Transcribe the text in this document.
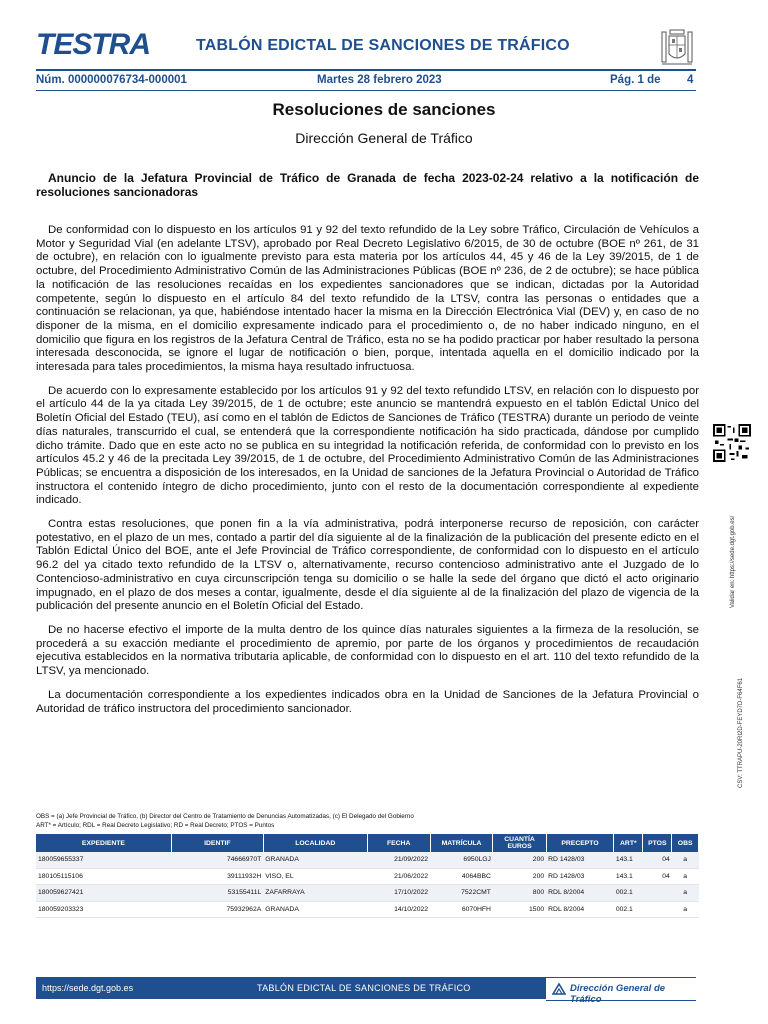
TESTRA	TABLÓN EDICTAL DE SANCIONES DE TRÁFICO
Núm. 000000076734-000001	Martes 28 febrero 2023	Pág. 1 de 4
Resoluciones de sanciones
Dirección General de Tráfico
Anuncio de la Jefatura Provincial de Tráfico de Granada de fecha 2023-02-24 relativo a la notificación de resoluciones sancionadoras

De conformidad con lo dispuesto en los artículos 91 y 92 del texto refundido de la Ley sobre Tráfico, Circulación de Vehículos a Motor y Seguridad Vial (en adelante LTSV), aprobado por Real Decreto Legislativo 6/2015, de 30 de octubre (BOE nº 261, de 31 de octubre), en relación con lo igualmente previsto para esta materia por los artículos 44, 45 y 46 de la Ley 39/2015, de 1 de octubre, del Procedimiento Administrativo Común de las Administraciones Públicas (BOE nº 236, de 2 de octubre); se hace pública la notificación de las resoluciones recaídas en los expedientes sancionadores que se indican, dictadas por la Autoridad competente, según lo dispuesto en el artículo 84 del texto refundido de la LTSV, contra las personas o entidades que a continuación se relacionan, ya que, habiéndose intentado hacer la misma en la Dirección Electrónica Vial (DEV) y, en caso de no disponer de la misma, en el domicilio expresamente indicado para el procedimiento o, de no haber indicado ninguno, en el domicilio que figura en los registros de la Jefatura Central de Tráfico, esta no se ha podido practicar por haber resultado la persona interesada desconocida, se ignore el lugar de notificación o bien, porque, intentada aquella en el domicilio indicado por la interesada para tales procedimientos, la misma haya resultado infructuosa.

De acuerdo con lo expresamente establecido por los artículos 91 y 92 del texto refundido LTSV, en relación con lo dispuesto por el artículo 44 de la ya citada Ley 39/2015, de 1 de octubre; este anuncio se mantendrá expuesto en el tablón Edictal Unico del Boletín Oficial del Estado (TEU), así como en el tablón de Edictos de Sanciones de Tráfico (TESTRA) durante un periodo de veinte días naturales, transcurrido el cual, se entenderá que la correspondiente notificación ha sido practicada, dándose por cumplido dicho trámite. Dado que en este acto no se publica en su integridad la notificación referida, de conformidad con lo previsto en los artículos 45.2 y 46 de la precitada Ley 39/2015, de 1 de octubre, del Procedimiento Administrativo Común de las Administraciones Públicas; se encuentra a disposición de los interesados, en la Unidad de sanciones de la Jefatura Provincial o Autoridad de Tráfico instructora el contenido íntegro de dicho procedimiento, junto con el resto de la documentación correspondiente al expediente indicado.

Contra estas resoluciones, que ponen fin a la vía administrativa, podrá interponerse recurso de reposición, con carácter potestativo, en el plazo de un mes, contado a partir del día siguiente al de la finalización de la publicación del presente edicto en el Tablón Edictal Único del BOE, ante el Jefe Provincial de Tráfico correspondiente, de conformidad con lo dispuesto en el artículo 96.2 del ya citado texto refundido de la LTSV o, alternativamente, recurso contencioso administrativo ante el Juzgado de lo Contencioso-administrativo en cuya circunscripción tenga su domicilio o se halle la sede del órgano que dictó el acto originario impugnado, en el plazo de dos meses a contar, igualmente, desde el día siguiente al de la finalización del plazo de vigencia de la publicación del presente anuncio en el Boletín Oficial del Estado.

De no hacerse efectivo el importe de la multa dentro de los quince días naturales siguientes a la firmeza de la resolución, se procederá a su exacción mediante el procedimiento de apremio, por parte de los órganos y procedimientos de recaudación ejecutiva establecidos en la normativa tributaria aplicable, de conformidad con lo dispuesto en el art. 110 del texto refundido de la LTSV, ya mencionado.

La documentación correspondiente a los expedientes indicados obra en la Unidad de Sanciones de la Jefatura Provincial o Autoridad de tráfico instructora del procedimiento sancionador.

Validar en: https://sede.dgt.gob.es/
CSV: TTRAPU-20RI2D-FEYD7D-F64F61
OBS = (a) Jefe Provincial de Tráfico, (b) Director del Centro de Tratamiento de Denuncias Automatizadas, (c) El Delegado del Gobierno
ART* = Artículo; RDL = Real Decreto Legislativo; RD = Real Decreto; PTOS = Puntos
EXPEDIENTE	IDENTIF	LOCALIDAD	FECHA	MATRÍCULA	CUANTÍA EUROS	PRECEPTO	ART*	PTOS	OBS
180059655337	74666970T	GRANADA	21/09/2022	6950LGJ	200	RD 1428/03	143.1	04	a
180105115106	39111932H	VISO, EL	21/06/2022	4064BBC	200	RD 1428/03	143.1	04	a
180059627421	53155411L	ZAFARRAYA	17/10/2022	7522CMT	800	RDL 8/2004	002.1		a
180059203323	75932962A	GRANADA	14/10/2022	6070HFH	1500	RDL 8/2004	002.1		a
https://sede.dgt.gob.es	TABLÓN EDICTAL DE SANCIONES DE TRÁFICO	Dirección General de Tráfico
